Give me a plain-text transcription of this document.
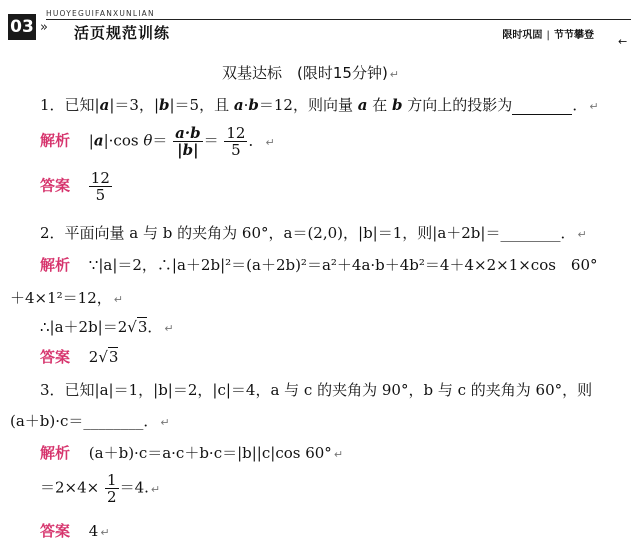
03 »
HUOYEGUIFANXUNLIAN
活页规范训练	限时巩固 | 节节攀登 ←
双基达标　(限时15分钟) ↵
1．已知|a|＝3，|b|＝5，且 a·b＝12，则向量 a 在 b 方向上的投影为	． ↵
解析 |a|·cos $\theta= \frac{a\cdot b}{|b|} = \frac{12}{5}$ ． ↵
答案 $\frac{12}{5}$
2．平面向量 a 与 b 的夹角为 60°，a＝(2,0)，|b|＝1，则|a＋2b|＝________． ↵
解析 ∵|a|＝2，∴|a＋2b|²＝(a＋2b)²＝a²＋4a·b＋4b²＝4＋4×2×1×cos　60°
＋4×1²＝12， ↵
∴|a＋2b|＝2√3． ↵
答案 2√3
3．已知|a|＝1，|b|＝2，|c|＝4，a 与 c 的夹角为 90°，b 与 c 的夹角为 60°，则
(a＋b)·c＝________． ↵
解析 (a＋b)·c＝a·c＋b·c＝|b||c|cos 60° ↵
$=2\times 4\times \frac{1}{2} =4$. ↵
答案 4 ↵
